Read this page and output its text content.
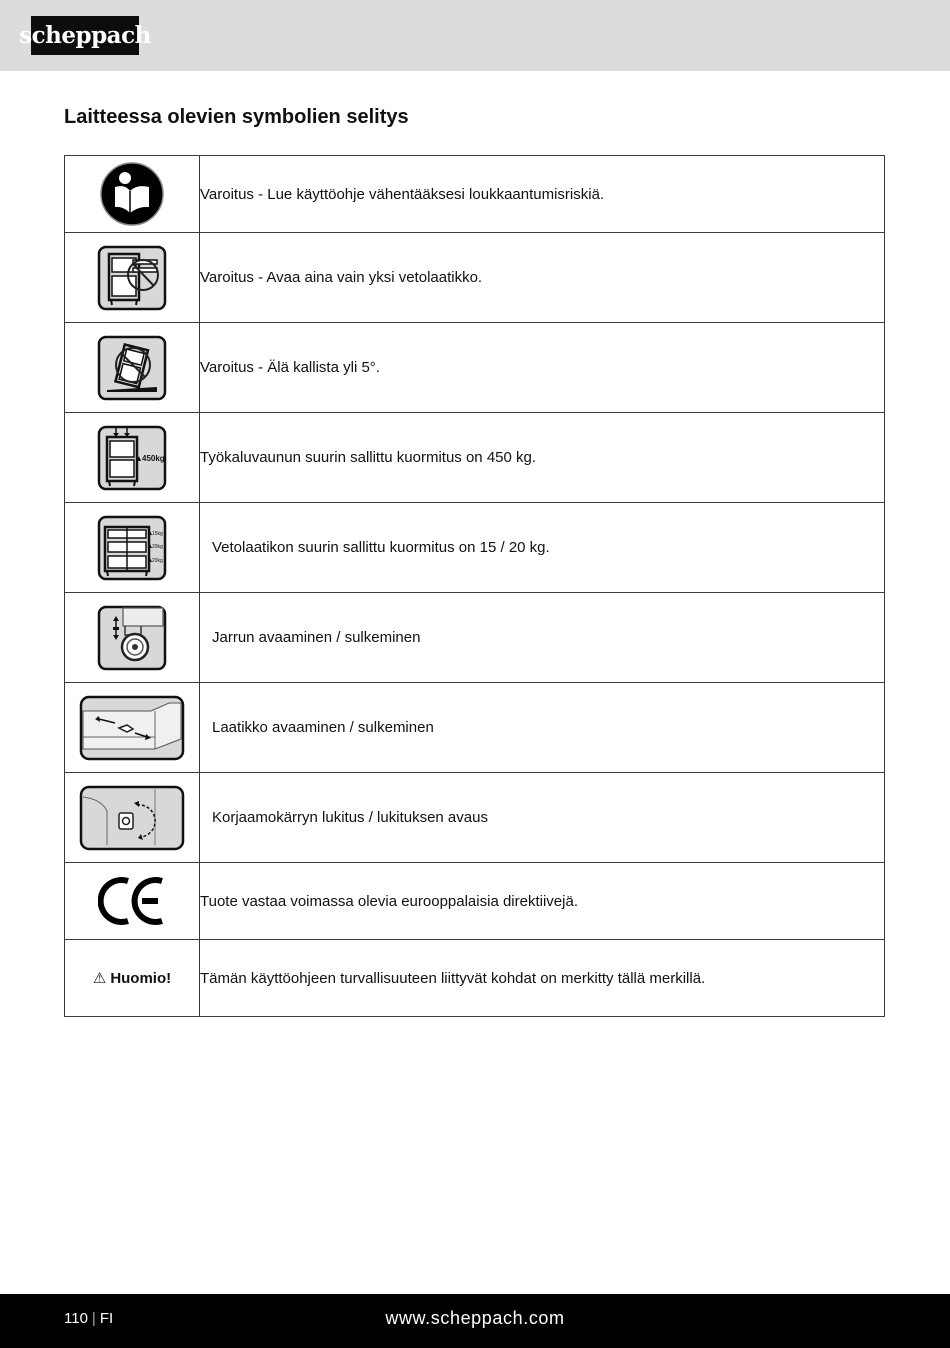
scheppach
Laitteessa olevien symbolien selitys
	Varoitus - Lue käyttöohje vähentääksesi loukkaantumisriskiä.

	Varoitus - Avaa aina vain yksi vetolaatikko.

	Varoitus - Älä kallista yli 5°.

450kg	Työkaluvaunun suurin sallittu kuormitus on 450 kg.

15kg
20kg
20kg	Vetolaatikon suurin sallittu kuormitus on 15 / 20 kg.

	Jarrun avaaminen / sulkeminen

	Laatikko avaaminen / sulkeminen

	Korjaamokärryn lukitus / lukituksen avaus

	Tuote vastaa voimassa olevia eurooppalaisia direktiivejä.
⚠ Huomio!	Tämän käyttöohjeen turvallisuuteen liittyvät kohdat on merkitty tällä merkillä.
110 | FI	www.scheppach.com
